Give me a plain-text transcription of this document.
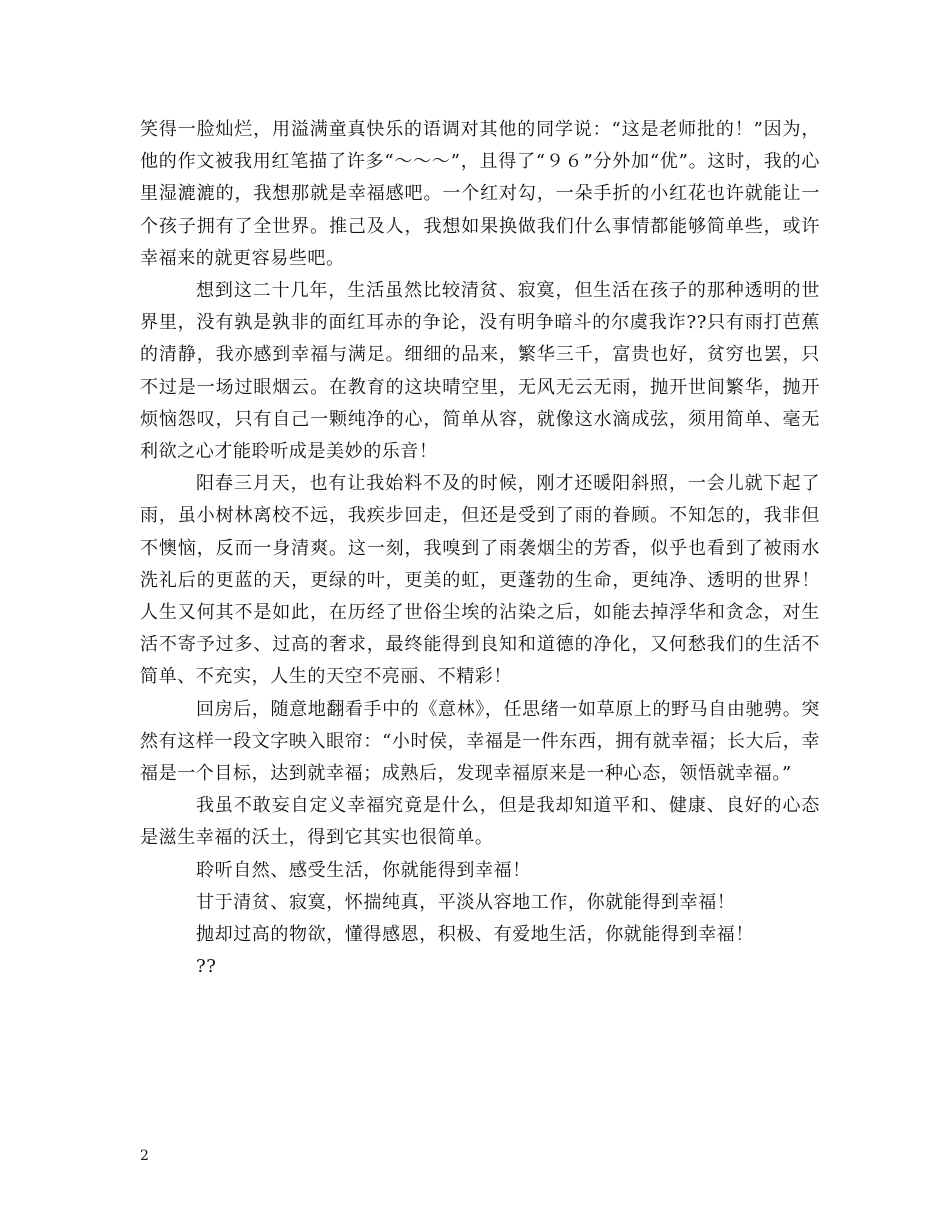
笑得一脸灿烂，用溢满童真快乐的语调对其他的同学说：“这是老师批的！”因为，他的作文被我用红笔描了许多“～～～”，且得了“９６”分外加“优”。这时，我的心里湿漉漉的，我想那就是幸福感吧。一个红对勾，一朵手折的小红花也许就能让一个孩子拥有了全世界。推己及人，我想如果换做我们什么事情都能够简单些，或许幸福来的就更容易些吧。

想到这二十几年，生活虽然比较清贫、寂寞，但生活在孩子的那种透明的世界里，没有孰是孰非的面红耳赤的争论，没有明争暗斗的尔虞我诈??只有雨打芭蕉的清静，我亦感到幸福与满足。细细的品来，繁华三千，富贵也好，贫穷也罢，只不过是一场过眼烟云。在教育的这块晴空里，无风无云无雨，抛开世间繁华，抛开烦恼怨叹，只有自己一颗纯净的心，简单从容，就像这水滴成弦，须用简单、毫无利欲之心才能聆听成是美妙的乐音！

阳春三月天，也有让我始料不及的时候，刚才还暖阳斜照，一会儿就下起了雨，虽小树林离校不远，我疾步回走，但还是受到了雨的眷顾。不知怎的，我非但不懊恼，反而一身清爽。这一刻，我嗅到了雨袭烟尘的芳香，似乎也看到了被雨水洗礼后的更蓝的天，更绿的叶，更美的虹，更蓬勃的生命，更纯净、透明的世界！人生又何其不是如此，在历经了世俗尘埃的沾染之后，如能去掉浮华和贪念，对生活不寄予过多、过高的奢求，最终能得到良知和道德的净化，又何愁我们的生活不简单、不充实，人生的天空不亮丽、不精彩！

回房后，随意地翻看手中的《意林》，任思绪一如草原上的野马自由驰骋。突然有这样一段文字映入眼帘：“小时侯，幸福是一件东西，拥有就幸福；长大后，幸福是一个目标，达到就幸福；成熟后，发现幸福原来是一种心态，领悟就幸福。”

我虽不敢妄自定义幸福究竟是什么，但是我却知道平和、健康、良好的心态是滋生幸福的沃土，得到它其实也很简单。

聆听自然、感受生活，你就能得到幸福！

甘于清贫、寂寞，怀揣纯真，平淡从容地工作，你就能得到幸福！

抛却过高的物欲，懂得感恩，积极、有爱地生活，你就能得到幸福！

??

2
